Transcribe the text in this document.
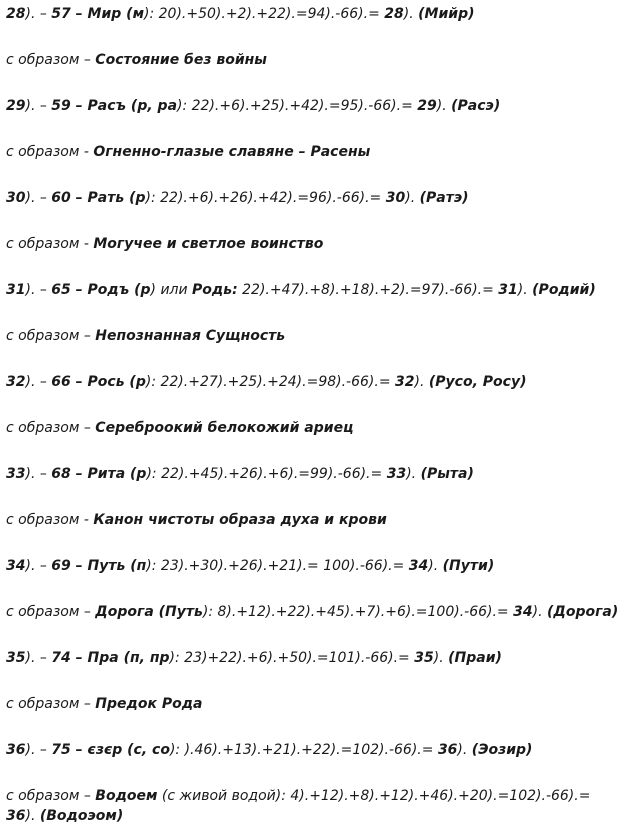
28). – 57 – Мир (м): 20).+50).+2).+22).=94).-66).= 28). (Мийр)
с образом – Состояние без войны
29). – 59 – Расъ (р, ра): 22).+6).+25).+42).=95).-66).= 29). (Расэ)
с образом - Огненно-глазые славяне – Расены
30). – 60 – Рать (р): 22).+6).+26).+42).=96).-66).= 30). (Ратэ)
с образом - Могучее и светлое воинство
31). – 65 – Родъ (р) или Родь: 22).+47).+8).+18).+2).=97).-66).= 31). (Родий)
с образом – Непознанная Сущность
32). – 66 – Рось (р): 22).+27).+25).+24).=98).-66).= 32). (Русо, Росу)
с образом – Сереброокий белокожий ариец
33). – 68 – Рита (р): 22).+45).+26).+6).=99).-66).= 33). (Рыта)
с образом - Канон чистоты образа духа и крови
34). – 69 – Путь (п): 23).+30).+26).+21).= 100).-66).= 34). (Пути)
с образом – Дорога (Путь): 8).+12).+22).+45).+7).+6).=100).-66).= 34). (Дорога)
35). – 74 – Пра (п, пр): 23)+22).+6).+50).=101).-66).= 35). (Праи)
с образом – Предок Рода
36). – 75 – єзєр (с, со): ).46).+13).+21).+22).=102).-66).= 36). (Эозир)
с образом – Водоем (с живой водой): 4).+12).+8).+12).+46).+20).=102).-66).= 36). (Водоэом)
